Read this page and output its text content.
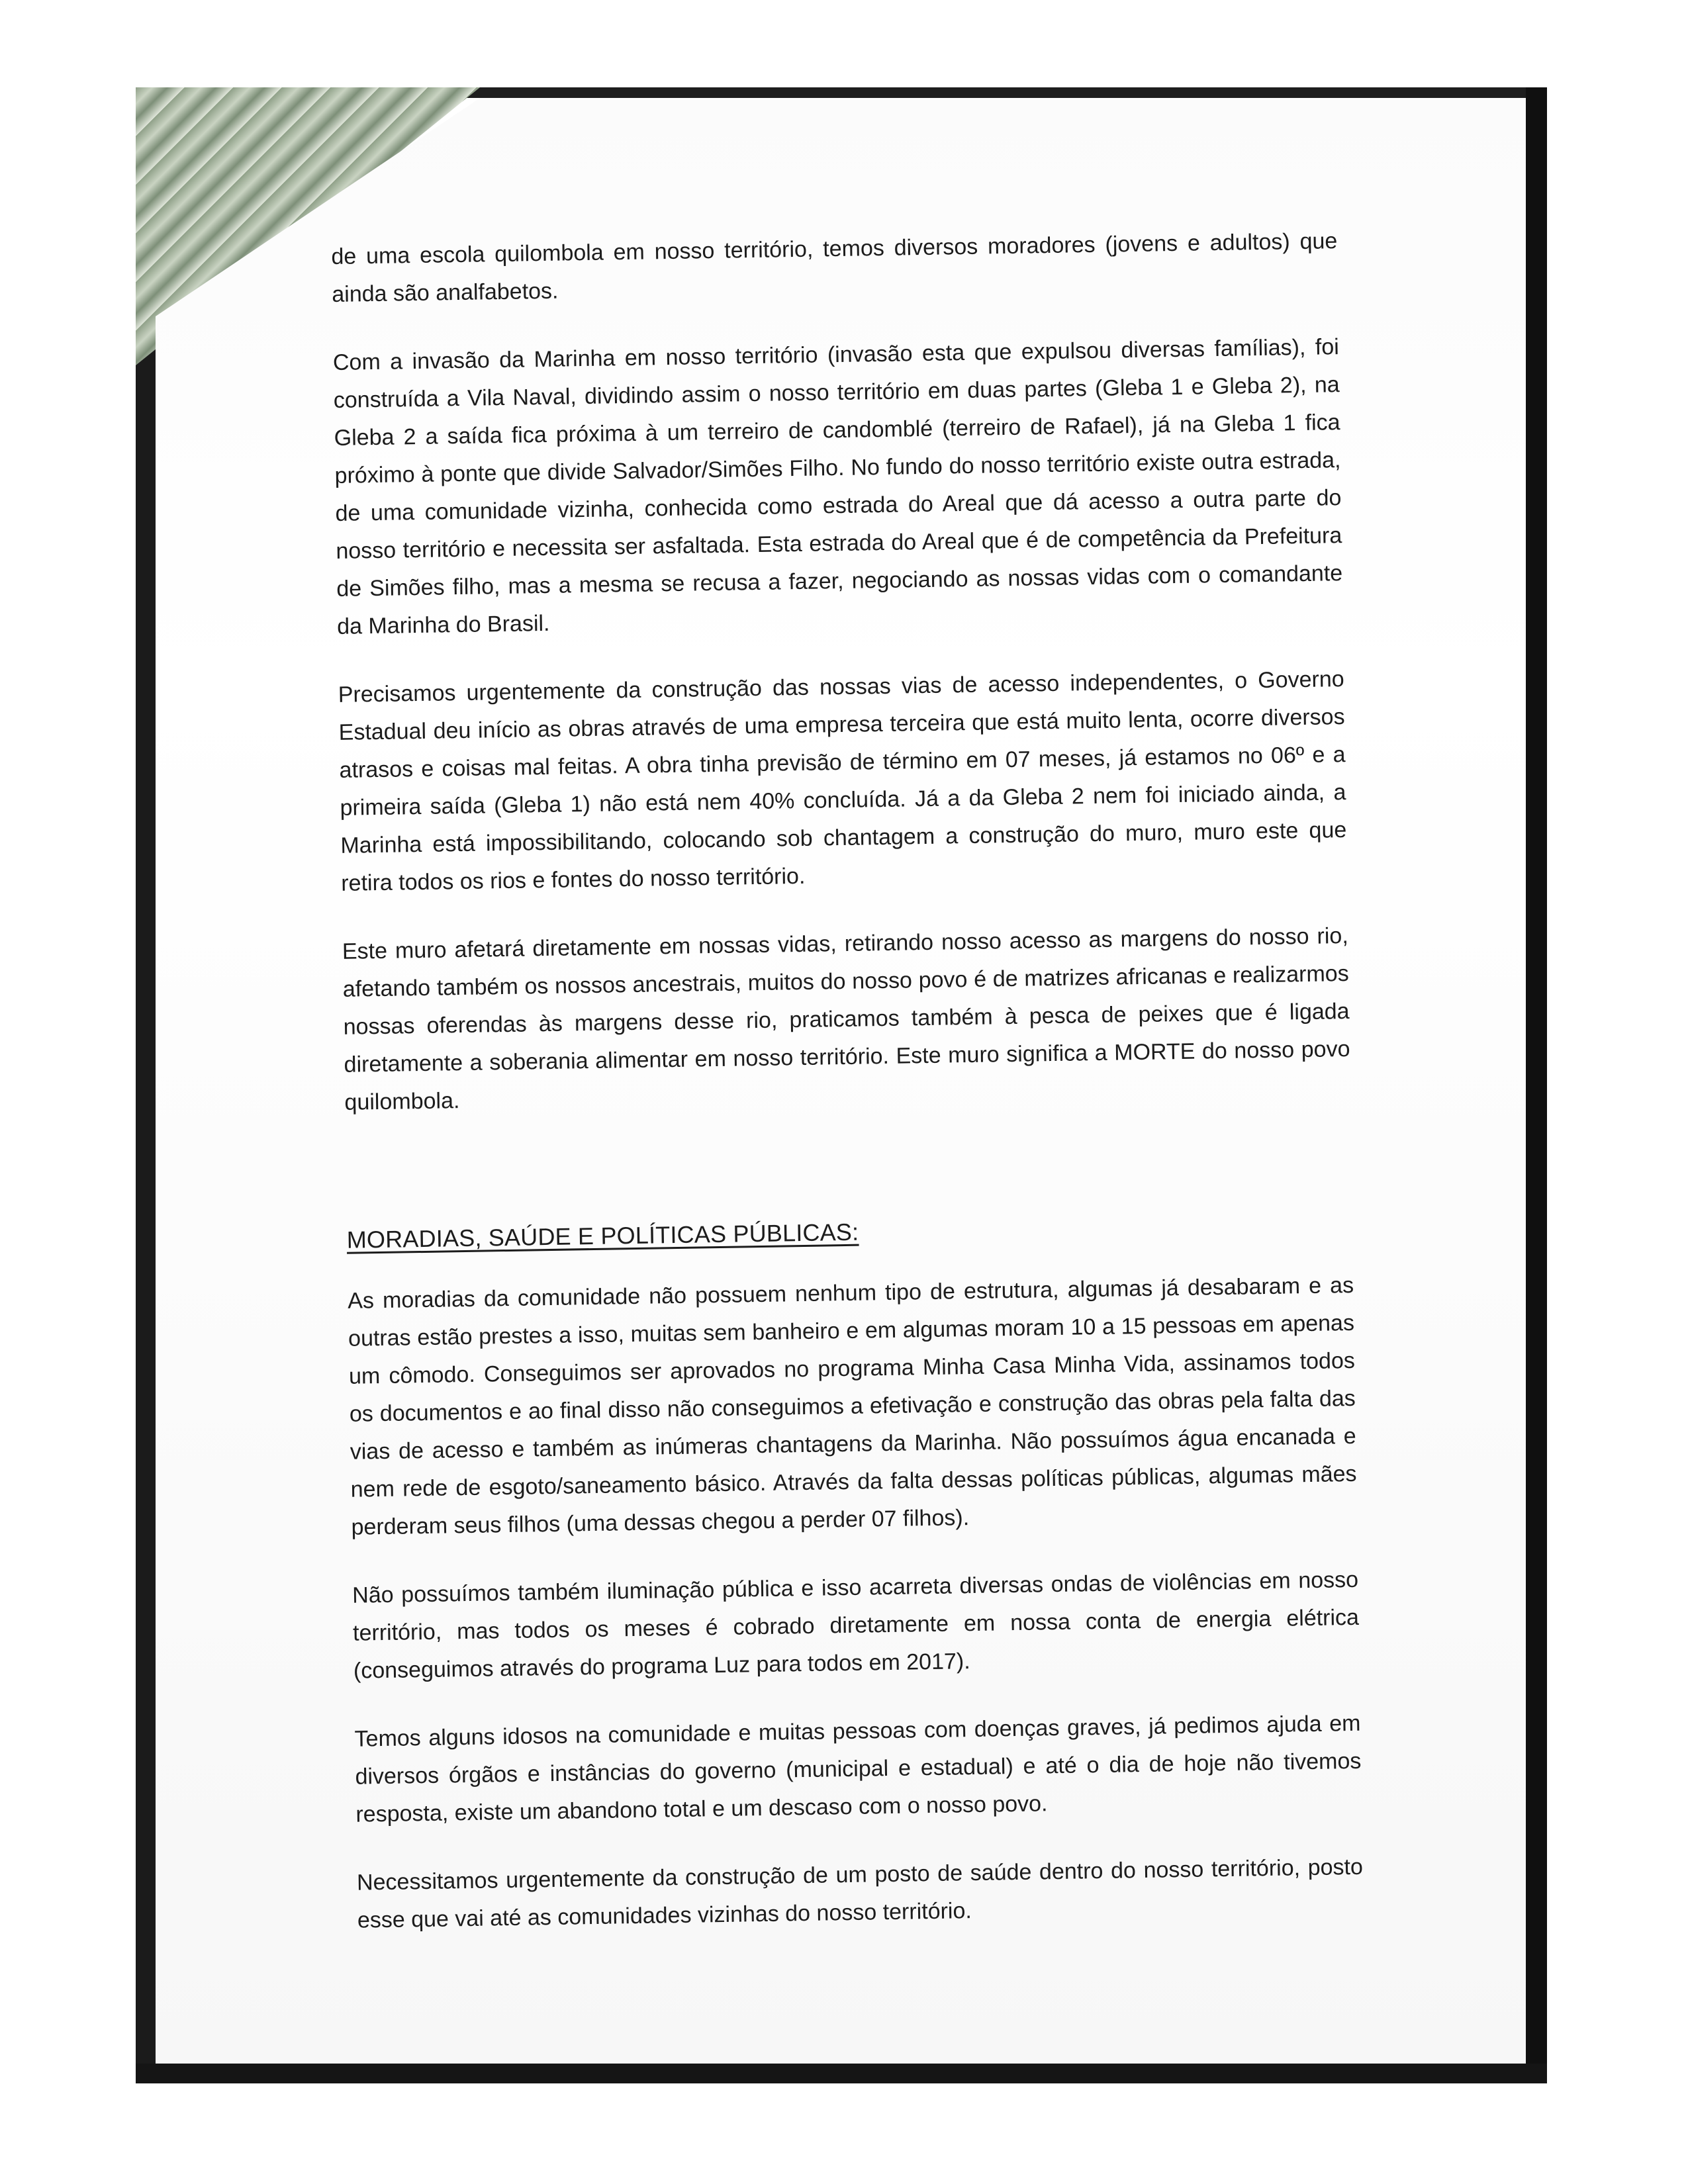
de uma escola quilombola em nosso território, temos diversos moradores (jovens e adultos) que ainda são analfabetos.

Com a invasão da Marinha em nosso território (invasão esta que expulsou diversas famílias), foi construída a Vila Naval, dividindo assim o nosso território em duas partes (Gleba 1 e Gleba 2), na Gleba 2 a saída fica próxima à um terreiro de candomblé (terreiro de Rafael), já na Gleba 1 fica próximo à ponte que divide Salvador/Simões Filho. No fundo do nosso território existe outra estrada, de uma comunidade vizinha, conhecida como estrada do Areal que dá acesso a outra parte do nosso território e necessita ser asfaltada. Esta estrada do Areal que é de competência da Prefeitura de Simões filho, mas a mesma se recusa a fazer, negociando as nossas vidas com o comandante da Marinha do Brasil.

Precisamos urgentemente da construção das nossas vias de acesso independentes, o Governo Estadual deu início as obras através de uma empresa terceira que está muito lenta, ocorre diversos atrasos e coisas mal feitas. A obra tinha previsão de término em 07 meses, já estamos no 06º e a primeira saída (Gleba 1) não está nem 40% concluída. Já a da Gleba 2 nem foi iniciado ainda, a Marinha está impossibilitando, colocando sob chantagem a construção do muro, muro este que retira todos os rios e fontes do nosso território.

Este muro afetará diretamente em nossas vidas, retirando nosso acesso as margens do nosso rio, afetando também os nossos ancestrais, muitos do nosso povo é de matrizes africanas e realizarmos nossas oferendas às margens desse rio, praticamos também à pesca de peixes que é ligada diretamente a soberania alimentar em nosso território. Este muro significa a MORTE do nosso povo quilombola.

MORADIAS, SAÚDE E POLÍTICAS PÚBLICAS:

As moradias da comunidade não possuem nenhum tipo de estrutura, algumas já desabaram e as outras estão prestes a isso, muitas sem banheiro e em algumas moram 10 a 15 pessoas em apenas um cômodo. Conseguimos ser aprovados no programa Minha Casa Minha Vida, assinamos todos os documentos e ao final disso não conseguimos a efetivação e construção das obras pela falta das vias de acesso e também as inúmeras chantagens da Marinha. Não possuímos água encanada e nem rede de esgoto/saneamento básico. Através da falta dessas políticas públicas, algumas mães perderam seus filhos (uma dessas chegou a perder 07 filhos).

Não possuímos também iluminação pública e isso acarreta diversas ondas de violências em nosso território, mas todos os meses é cobrado diretamente em nossa conta de energia elétrica (conseguimos através do programa Luz para todos em 2017).

Temos alguns idosos na comunidade e muitas pessoas com doenças graves, já pedimos ajuda em diversos órgãos e instâncias do governo (municipal e estadual) e até o dia de hoje não tivemos resposta, existe um abandono total e um descaso com o nosso povo.

Necessitamos urgentemente da construção de um posto de saúde dentro do nosso território, posto esse que vai até as comunidades vizinhas do nosso território.
